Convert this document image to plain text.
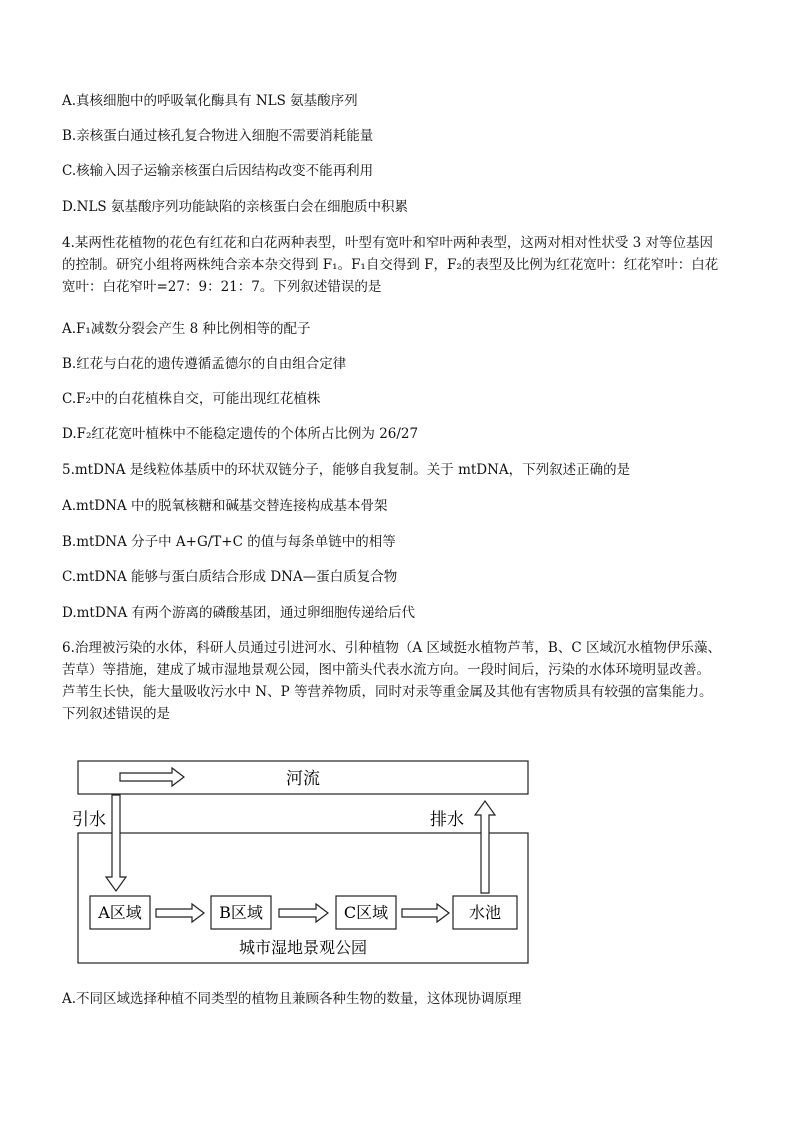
A.真核细胞中的呼吸氧化酶具有 NLS 氨基酸序列
B.亲核蛋白通过核孔复合物进入细胞不需要消耗能量
C.核输入因子运输亲核蛋白后因结构改变不能再利用
D.NLS 氨基酸序列功能缺陷的亲核蛋白会在细胞质中积累
4.某两性花植物的花色有红花和白花两种表型，叶型有宽叶和窄叶两种表型，这两对相对性状受 3 对等位基因
的控制。研究小组将两株纯合亲本杂交得到 F₁。F₁自交得到 F，F₂的表型及比例为红花宽叶：红花窄叶：白花
宽叶：白花窄叶=27：9：21：7。下列叙述错误的是
A.F₁减数分裂会产生 8 种比例相等的配子
B.红花与白花的遗传遵循孟德尔的自由组合定律
C.F₂中的白花植株自交，可能出现红花植株
D.F₂红花宽叶植株中不能稳定遗传的个体所占比例为 26/27
5.mtDNA 是线粒体基质中的环状双链分子，能够自我复制。关于 mtDNA，下列叙述正确的是
A.mtDNA 中的脱氧核糖和碱基交替连接构成基本骨架
B.mtDNA 分子中 A+G/T+C 的值与每条单链中的相等
C.mtDNA 能够与蛋白质结合形成 DNA—蛋白质复合物
D.mtDNA 有两个游离的磷酸基团，通过卵细胞传递给后代
6.治理被污染的水体，科研人员通过引进河水、引种植物（A 区域挺水植物芦苇，B、C 区域沉水植物伊乐藻、
苦草）等措施，建成了城市湿地景观公园，图中箭头代表水流方向。一段时间后，污染的水体环境明显改善。
芦苇生长快，能大量吸收污水中 N、P 等营养物质，同时对汞等重金属及其他有害物质具有较强的富集能力。
下列叙述错误的是
河流
引水	排水
A区域	B区域	C区域	水池
城市湿地景观公园
A.不同区域选择种植不同类型的植物且兼顾各种生物的数量，这体现协调原理
